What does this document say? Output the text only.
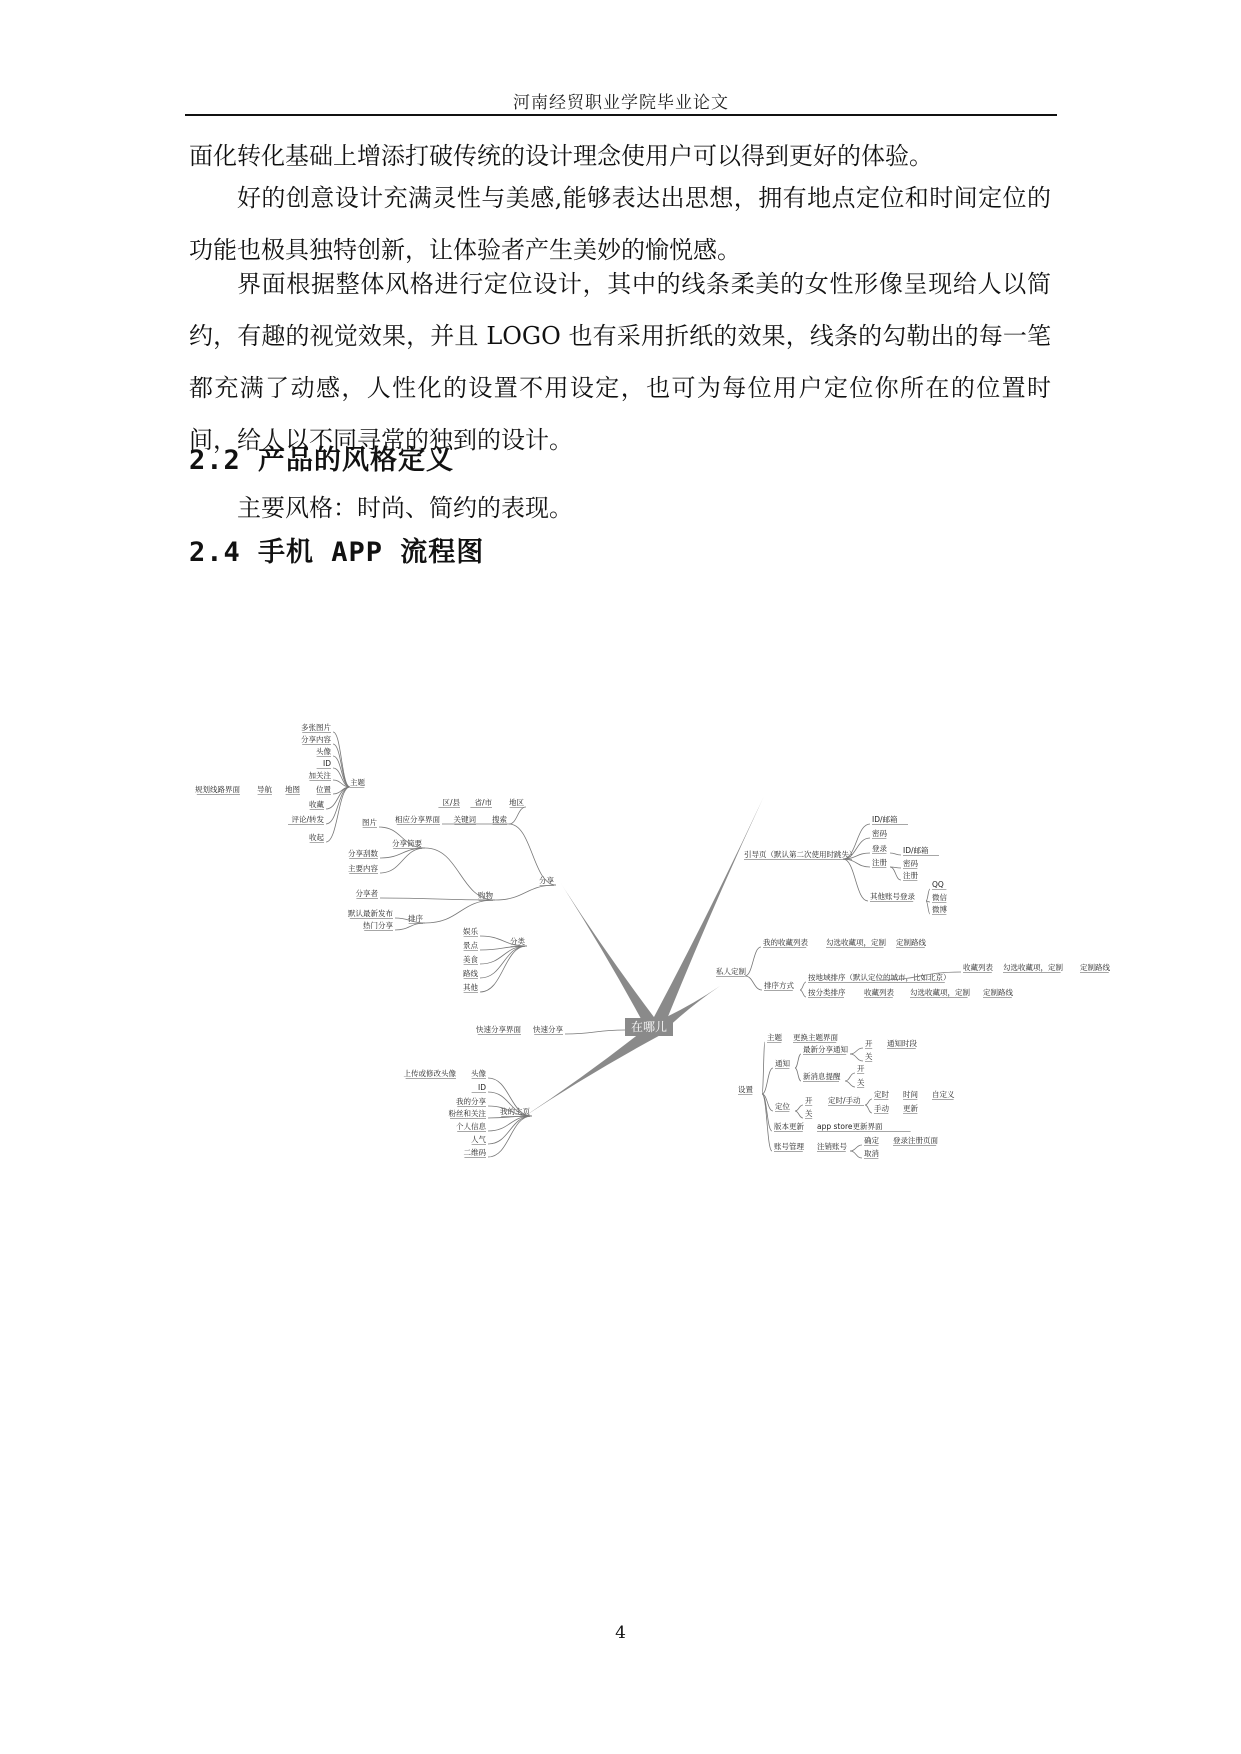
河南经贸职业学院毕业论文

面化转化基础上增添打破传统的设计理念使用户可以得到更好的体验。

好的创意设计充满灵性与美感,能够表达出思想，拥有地点定位和时间定位的功能也极具独特创新，让体验者产生美妙的愉悦感。

界面根据整体风格进行定位设计，其中的线条柔美的女性形像呈现给人以简约，有趣的视觉效果，并且 LOGO 也有采用折纸的效果，线条的勾勒出的每一笔都充满了动感，人性化的设置不用设定，也可为每位用户定位你所在的位置时间，给人以不同寻常的独到的设计。

2.2 产品的风格定义

主要风格：时尚、简约的表现。

2.4 手机 APP 流程图
在哪儿
主题
多张图片
分享内容
头像
ID
加关注
地图 位置
规划线路界面 导航
收藏
评论/转发
收起
图片 相应分享界面 关键词 搜索
区/县 省/市 地区
分享简要
分享刮数
主要内容
分享者	购物
分享
默认最新发布
热门分享
排序
分类
娱乐
景点
美食
路线
其他
快速分享界面 快速分享
上传或修改头像 头像
ID
我的分享
粉丝和关注
个人信息
人气
二维码
我的主页
引导页（默认第二次使用时跳失）
ID/邮箱
密码
登录 ID/邮箱
注册 密码
注册
其他账号登录
QQ
微信
微博
我的收藏列表 勾选收藏项，定制 定制路线
私人定制
按地域排序（默认定位的城市，比如北京）
收藏列表 勾选收藏项，定制 定制路线
排序方式
按分类排序 收藏列表 勾选收藏项，定制 定制路线
主题 更换主题界面
最新分享通知
开
关
通知时段
通知
新消息提醒
开
关
设置
定位
开
关
定时/手动
定时 时间 自定义
手动 更新
版本更新 app store更新界面
账号管理 注销账号
确定
取消
登录注册页面
4
